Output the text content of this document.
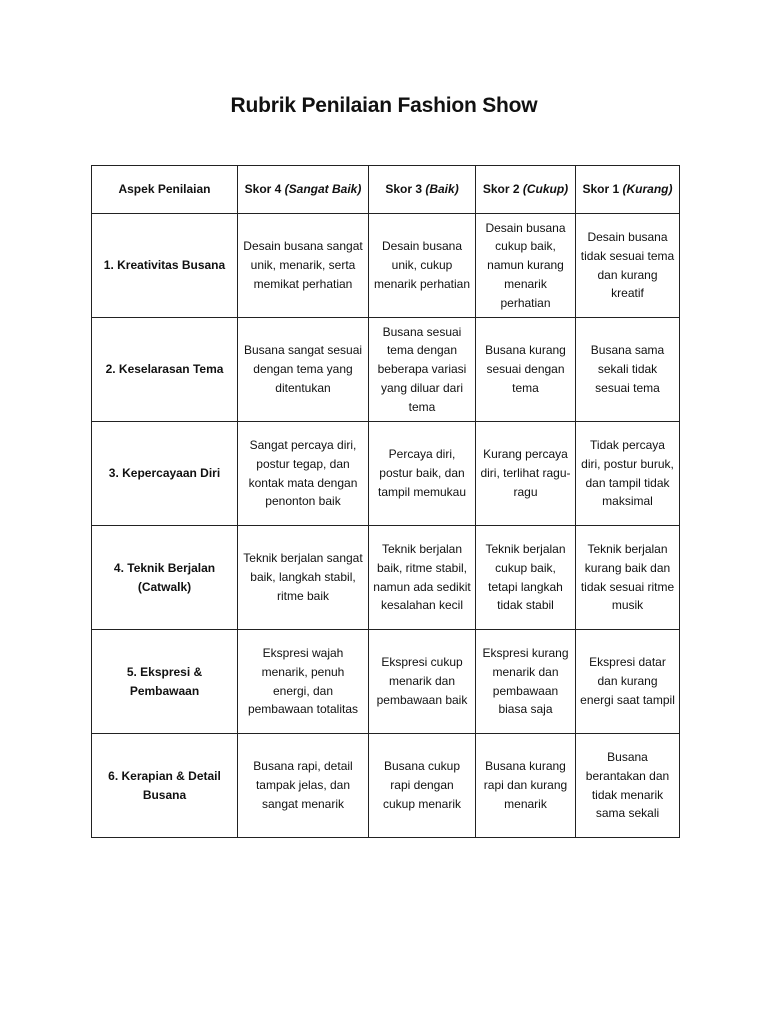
Rubrik Penilaian Fashion Show
Aspek Penilaian	Skor 4 (Sangat Baik)	Skor 3 (Baik)	Skor 2 (Cukup)	Skor 1 (Kurang)
1. Kreativitas Busana	Desain busana sangat unik, menarik, serta memikat perhatian	Desain busana unik, cukup menarik perhatian	Desain busana cukup baik, namun kurang menarik perhatian	Desain busana tidak sesuai tema dan kurang kreatif
2. Keselarasan Tema	Busana sangat sesuai dengan tema yang ditentukan	Busana sesuai tema dengan beberapa variasi yang diluar dari tema	Busana kurang sesuai dengan tema	Busana sama sekali tidak sesuai tema
3. Kepercayaan Diri	Sangat percaya diri, postur tegap, dan kontak mata dengan penonton baik	Percaya diri, postur baik, dan tampil memukau	Kurang percaya diri, terlihat ragu-ragu	Tidak percaya diri, postur buruk, dan tampil tidak maksimal
4. Teknik Berjalan (Catwalk)	Teknik berjalan sangat baik, langkah stabil, ritme baik	Teknik berjalan baik, ritme stabil, namun ada sedikit kesalahan kecil	Teknik berjalan cukup baik, tetapi langkah tidak stabil	Teknik berjalan kurang baik dan tidak sesuai ritme musik
5. Ekspresi & Pembawaan	Ekspresi wajah menarik, penuh energi, dan pembawaan totalitas	Ekspresi cukup menarik dan pembawaan baik	Ekspresi kurang menarik dan pembawaan biasa saja	Ekspresi datar dan kurang energi saat tampil
6. Kerapian & Detail Busana	Busana rapi, detail tampak jelas, dan sangat menarik	Busana cukup rapi dengan cukup menarik	Busana kurang rapi dan kurang menarik	Busana berantakan dan tidak menarik sama sekali
